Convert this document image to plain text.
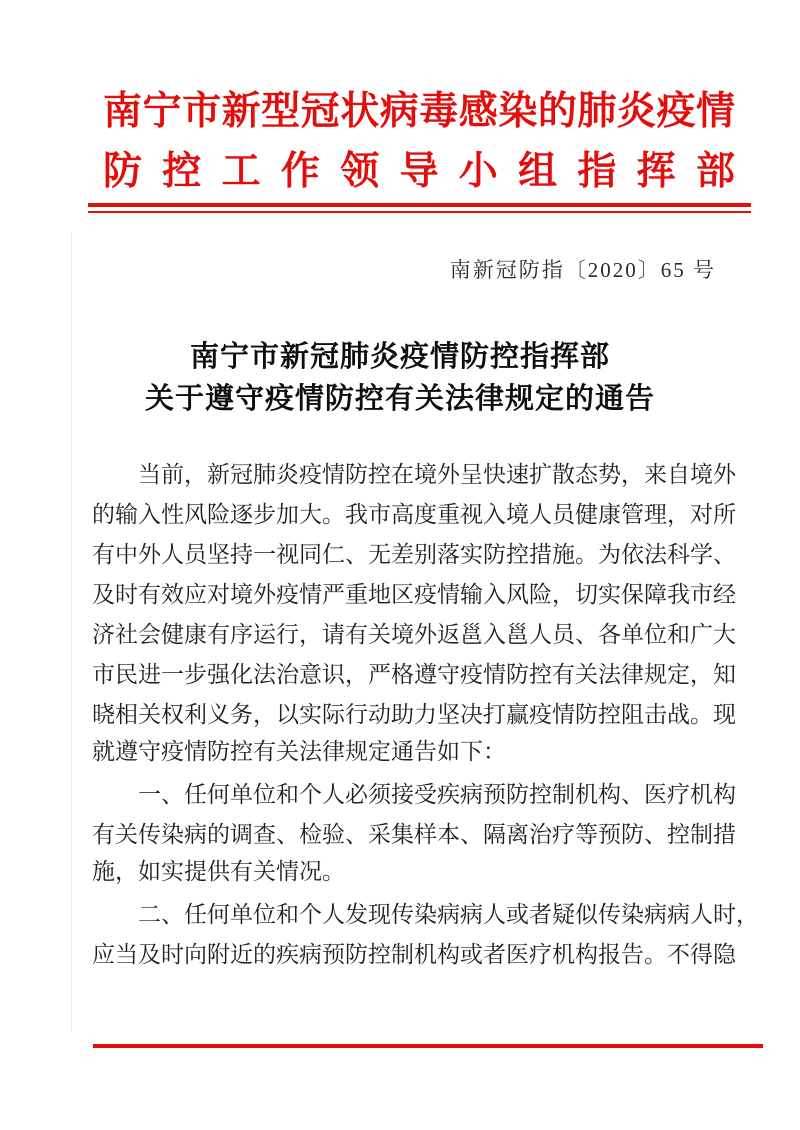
南 宁 市 新 型 冠 状 病 毒 感 染 的 肺 炎 疫 情
防 控 工 作 领 导 小 组 指 挥 部
南新冠防指〔2020〕65 号
南宁市新冠肺炎疫情防控指挥部
关于遵守疫情防控有关法律规定的通告
当 前 ， 新 冠 肺 炎 疫 情 防 控 在 境 外 呈 快 速 扩 散 态 势 ， 来 自 境 外
的 输 入 性 风 险 逐 步 加 大 。 我 市 高 度 重 视 入 境 人 员 健 康 管 理 ， 对 所
有 中 外 人 员 坚 持 一 视 同 仁 、 无 差 别 落 实 防 控 措 施 。 为 依 法 科 学 、
及 时 有 效 应 对 境 外 疫 情 严 重 地 区 疫 情 输 入 风 险 ， 切 实 保 障 我 市 经
济 社 会 健 康 有 序 运 行 ， 请 有 关 境 外 返 邕 入 邕 人 员 、 各 单 位 和 广 大
市 民 进 一 步 强 化 法 治 意 识 ， 严 格 遵 守 疫 情 防 控 有 关 法 律 规 定 ， 知
晓 相 关 权 利 义 务 ， 以 实 际 行 动 助 力 坚 决 打 赢 疫 情 防 控 阻 击 战 。 现
就遵守疫情防控有关法律规定通告如下：
一 、 任 何 单 位 和 个 人 必 须 接 受 疾 病 预 防 控 制 机 构 、 医 疗 机 构
有 关 传 染 病 的 调 查 、 检 验 、 采 集 样 本 、 隔 离 治 疗 等 预 防 、 控 制 措
施，如实提供有关情况。
二 、 任 何 单 位 和 个 人 发 现 传 染 病 病 人 或 者 疑 似 传 染 病 病 人 时 ，
应 当 及 时 向 附 近 的 疾 病 预 防 控 制 机 构 或 者 医 疗 机 构 报 告 。 不 得 隐
